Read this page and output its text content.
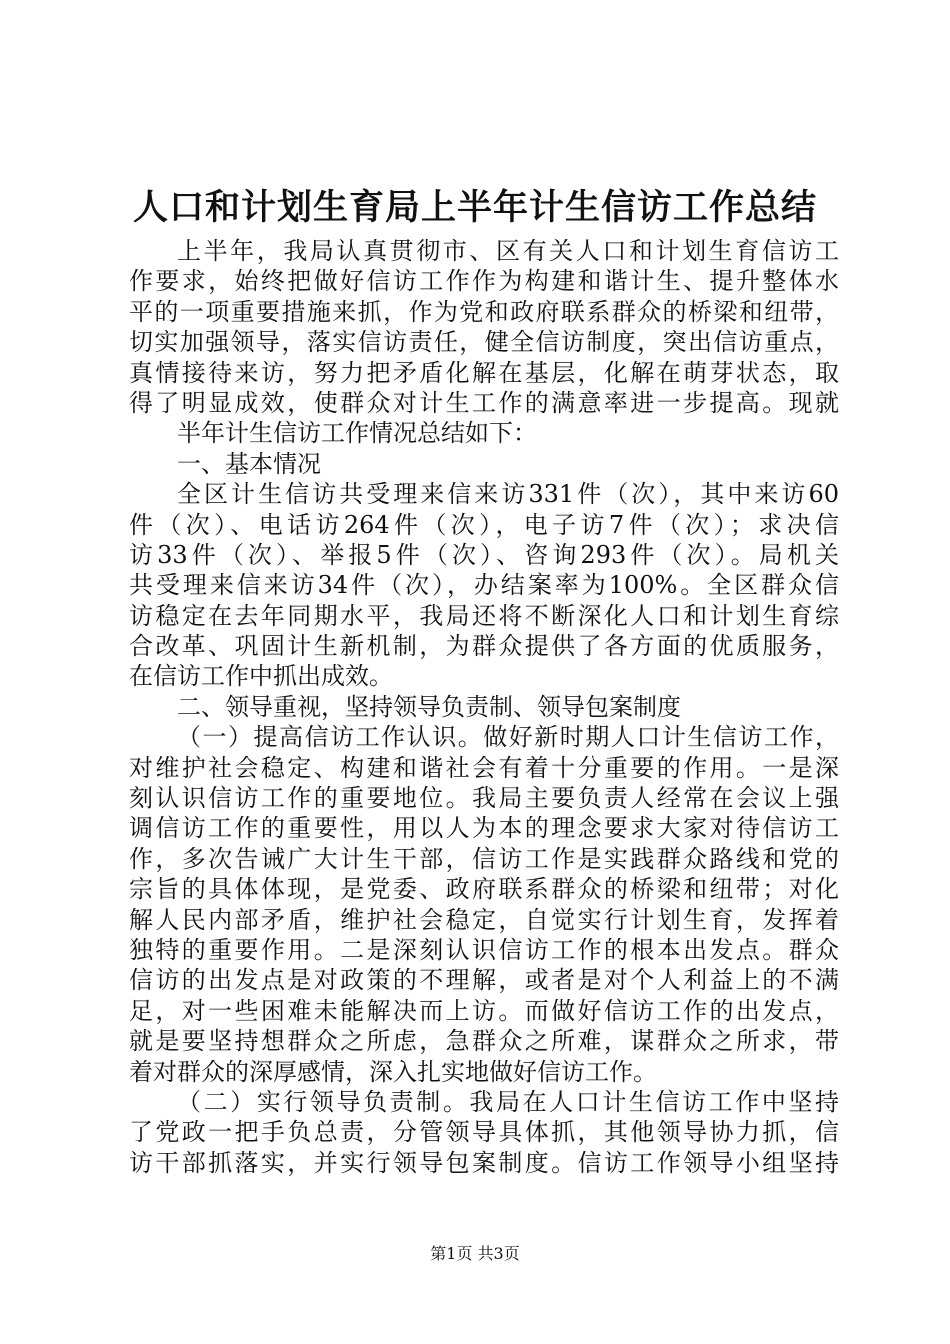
人口和计划生育局上半年计生信访工作总结
上半年，我局认真贯彻市、区有关人口和计划生育信访工
作要求，始终把做好信访工作作为构建和谐计生、提升整体水
平的一项重要措施来抓，作为党和政府联系群众的桥梁和纽带，
切实加强领导，落实信访责任，健全信访制度，突出信访重点，
真情接待来访，努力把矛盾化解在基层，化解在萌芽状态，取
得了明显成效，使群众对计生工作的满意率进一步提高。现就
半年计生信访工作情况总结如下：
一、基本情况
全区计生信访共受理来信来访331件（次），其中来访60
件（次）、电话访264件（次），电子访7件（次）；求决信
访33件（次）、举报5件（次）、咨询293件（次）。局机关
共受理来信来访34件（次），办结案率为100%。全区群众信
访稳定在去年同期水平，我局还将不断深化人口和计划生育综
合改革、巩固计生新机制，为群众提供了各方面的优质服务，
在信访工作中抓出成效。
二、领导重视，坚持领导负责制、领导包案制度
（一）提高信访工作认识。做好新时期人口计生信访工作，
对维护社会稳定、构建和谐社会有着十分重要的作用。一是深
刻认识信访工作的重要地位。我局主要负责人经常在会议上强
调信访工作的重要性，用以人为本的理念要求大家对待信访工
作，多次告诫广大计生干部，信访工作是实践群众路线和党的
宗旨的具体体现，是党委、政府联系群众的桥梁和纽带；对化
解人民内部矛盾，维护社会稳定，自觉实行计划生育，发挥着
独特的重要作用。二是深刻认识信访工作的根本出发点。群众
信访的出发点是对政策的不理解，或者是对个人利益上的不满
足，对一些困难未能解决而上访。而做好信访工作的出发点，
就是要坚持想群众之所虑，急群众之所难，谋群众之所求，带
着对群众的深厚感情，深入扎实地做好信访工作。
（二）实行领导负责制。我局在人口计生信访工作中坚持
了党政一把手负总责，分管领导具体抓，其他领导协力抓，信
访干部抓落实，并实行领导包案制度。信访工作领导小组坚持
第1页 共3页
